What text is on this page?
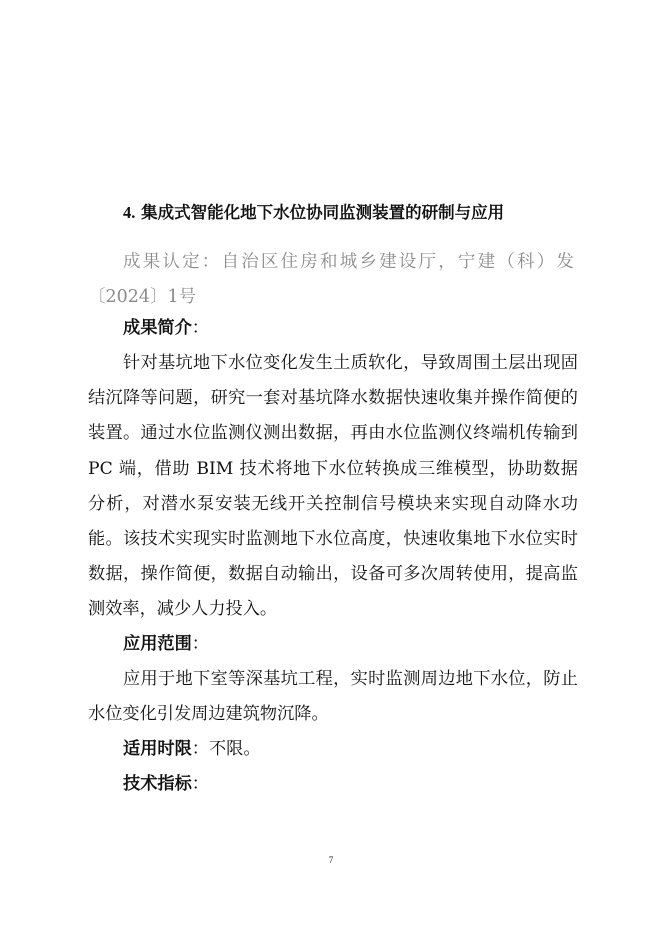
4. 集成式智能化地下水位协同监测装置的研制与应用
成果认定：自治区住房和城乡建设厅，宁建（科）发〔2024〕1号
成果简介：
针对基坑地下水位变化发生土质软化，导致周围土层出现固结沉降等问题，研究一套对基坑降水数据快速收集并操作简便的装置。通过水位监测仪测出数据，再由水位监测仪终端机传输到 PC 端，借助 BIM 技术将地下水位转换成三维模型，协助数据分析，对潜水泵安装无线开关控制信号模块来实现自动降水功能。该技术实现实时监测地下水位高度，快速收集地下水位实时数据，操作简便，数据自动输出，设备可多次周转使用，提高监测效率，减少人力投入。
应用范围：
应用于地下室等深基坑工程，实时监测周边地下水位，防止水位变化引发周边建筑物沉降。
适用时限：不限。
技术指标：
7
